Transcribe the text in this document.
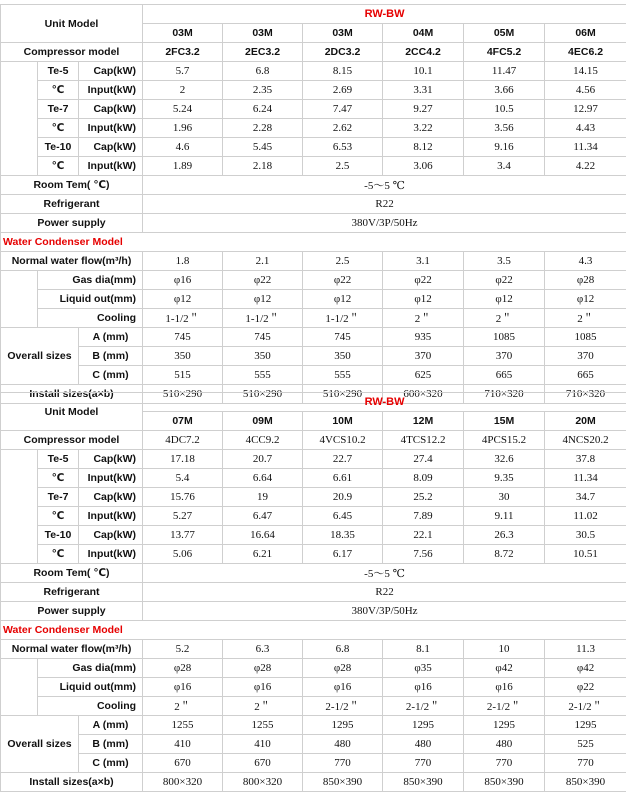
Unit Model			RW-BW					
			03M	03M	03M	04M	05M	06M
Compressor model			2FC3.2	2EC3.2	2DC3.2	2CC4.2	4FC5.2	4EC6.2
	Te-5	Cap(kW)	5.7	6.8	8.15	10.1	11.47	14.15
	℃	Input(kW)	2	2.35	2.69	3.31	3.66	4.56
	Te-7	Cap(kW)	5.24	6.24	7.47	9.27	10.5	12.97
	℃	Input(kW)	1.96	2.28	2.62	3.22	3.56	4.43
	Te-10	Cap(kW)	4.6	5.45	6.53	8.12	9.16	11.34
	℃	Input(kW)	1.89	2.18	2.5	3.06	3.4	4.22
Room Tem( ℃)			-5～5 ℃					
Refrigerant			R22					
Power supply			380V/3P/50Hz					
Water Condenser Model								
Normal water flow(m³/h)			1.8	2.1	2.5	3.1	3.5	4.3
	Gas dia(mm)		φ16	φ22	φ22	φ22	φ22	φ28
	Liquid out(mm)		φ12	φ12	φ12	φ12	φ12	φ12
	Cooling		1-1/2＂	1-1/2＂	1-1/2＂	2＂	2＂	2＂
Overall sizes		A (mm)	745	745	745	935	1085	1085
		B (mm)	350	350	350	370	370	370
		C (mm)	515	555	555	625	665	665
Install sizes(a×b)			510×290	510×290	510×290	600×320	710×320	710×320
Unit Model			RW-BW					
			07M	09M	10M	12M	15M	20M
Compressor model			4DC7.2	4CC9.2	4VCS10.2	4TCS12.2	4PCS15.2	4NCS20.2
	Te-5	Cap(kW)	17.18	20.7	22.7	27.4	32.6	37.8
	℃	Input(kW)	5.4	6.64	6.61	8.09	9.35	11.34
	Te-7	Cap(kW)	15.76	19	20.9	25.2	30	34.7
	℃	Input(kW)	5.27	6.47	6.45	7.89	9.11	11.02
	Te-10	Cap(kW)	13.77	16.64	18.35	22.1	26.3	30.5
	℃	Input(kW)	5.06	6.21	6.17	7.56	8.72	10.51
Room Tem( ℃)			-5～5 ℃					
Refrigerant			R22					
Power supply			380V/3P/50Hz					
Water Condenser Model								
Normal water flow(m³/h)			5.2	6.3	6.8	8.1	10	11.3
	Gas dia(mm)		φ28	φ28	φ28	φ35	φ42	φ42
	Liquid out(mm)		φ16	φ16	φ16	φ16	φ16	φ22
	Cooling		2＂	2＂	2-1/2＂	2-1/2＂	2-1/2＂	2-1/2＂
Overall sizes		A (mm)	1255	1255	1295	1295	1295	1295
		B (mm)	410	410	480	480	480	525
		C (mm)	670	670	770	770	770	770
Install sizes(a×b)			800×320	800×320	850×390	850×390	850×390	850×390
